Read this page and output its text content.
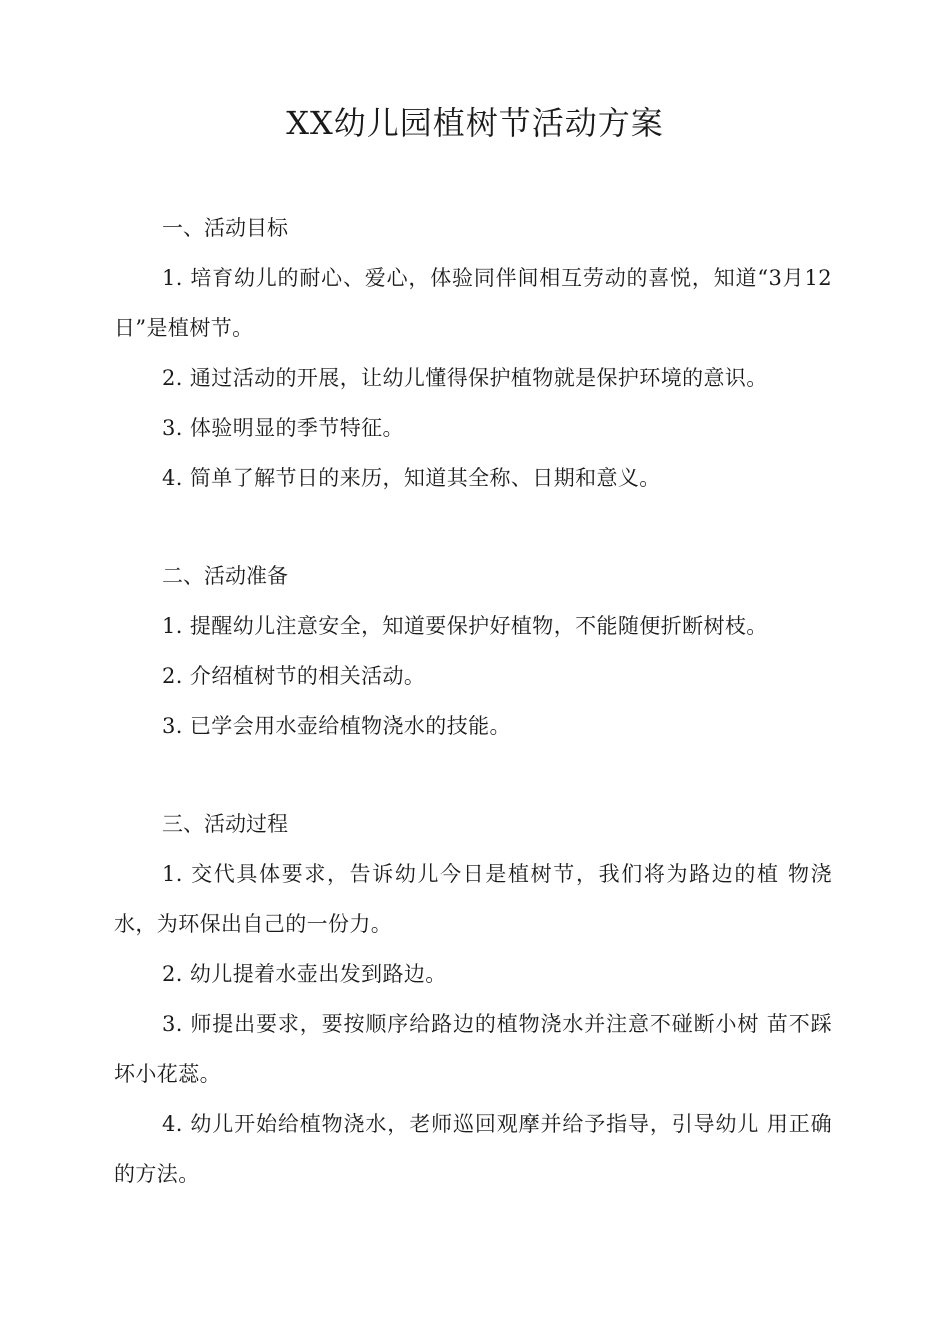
XX幼儿园植树节活动方案
一、活动目标

1. 培育幼儿的耐心、爱心，体验同伴间相互劳动的喜悦，知道“3月12日”是植树节。

2. 通过活动的开展，让幼儿懂得保护植物就是保护环境的意识。

3. 体验明显的季节特征。

4. 简单了解节日的来历，知道其全称、日期和意义。

二、活动准备

1. 提醒幼儿注意安全，知道要保护好植物，不能随便折断树枝。

2. 介绍植树节的相关活动。

3. 已学会用水壶给植物浇水的技能。

三、活动过程

1. 交代具体要求，告诉幼儿今日是植树节，我们将为路边的植 物浇水，为环保出自己的一份力。

2. 幼儿提着水壶出发到路边。

3. 师提出要求，要按顺序给路边的植物浇水并注意不碰断小树 苗不踩坏小花蕊。

4. 幼儿开始给植物浇水，老师巡回观摩并给予指导，引导幼儿 用正确的方法。
